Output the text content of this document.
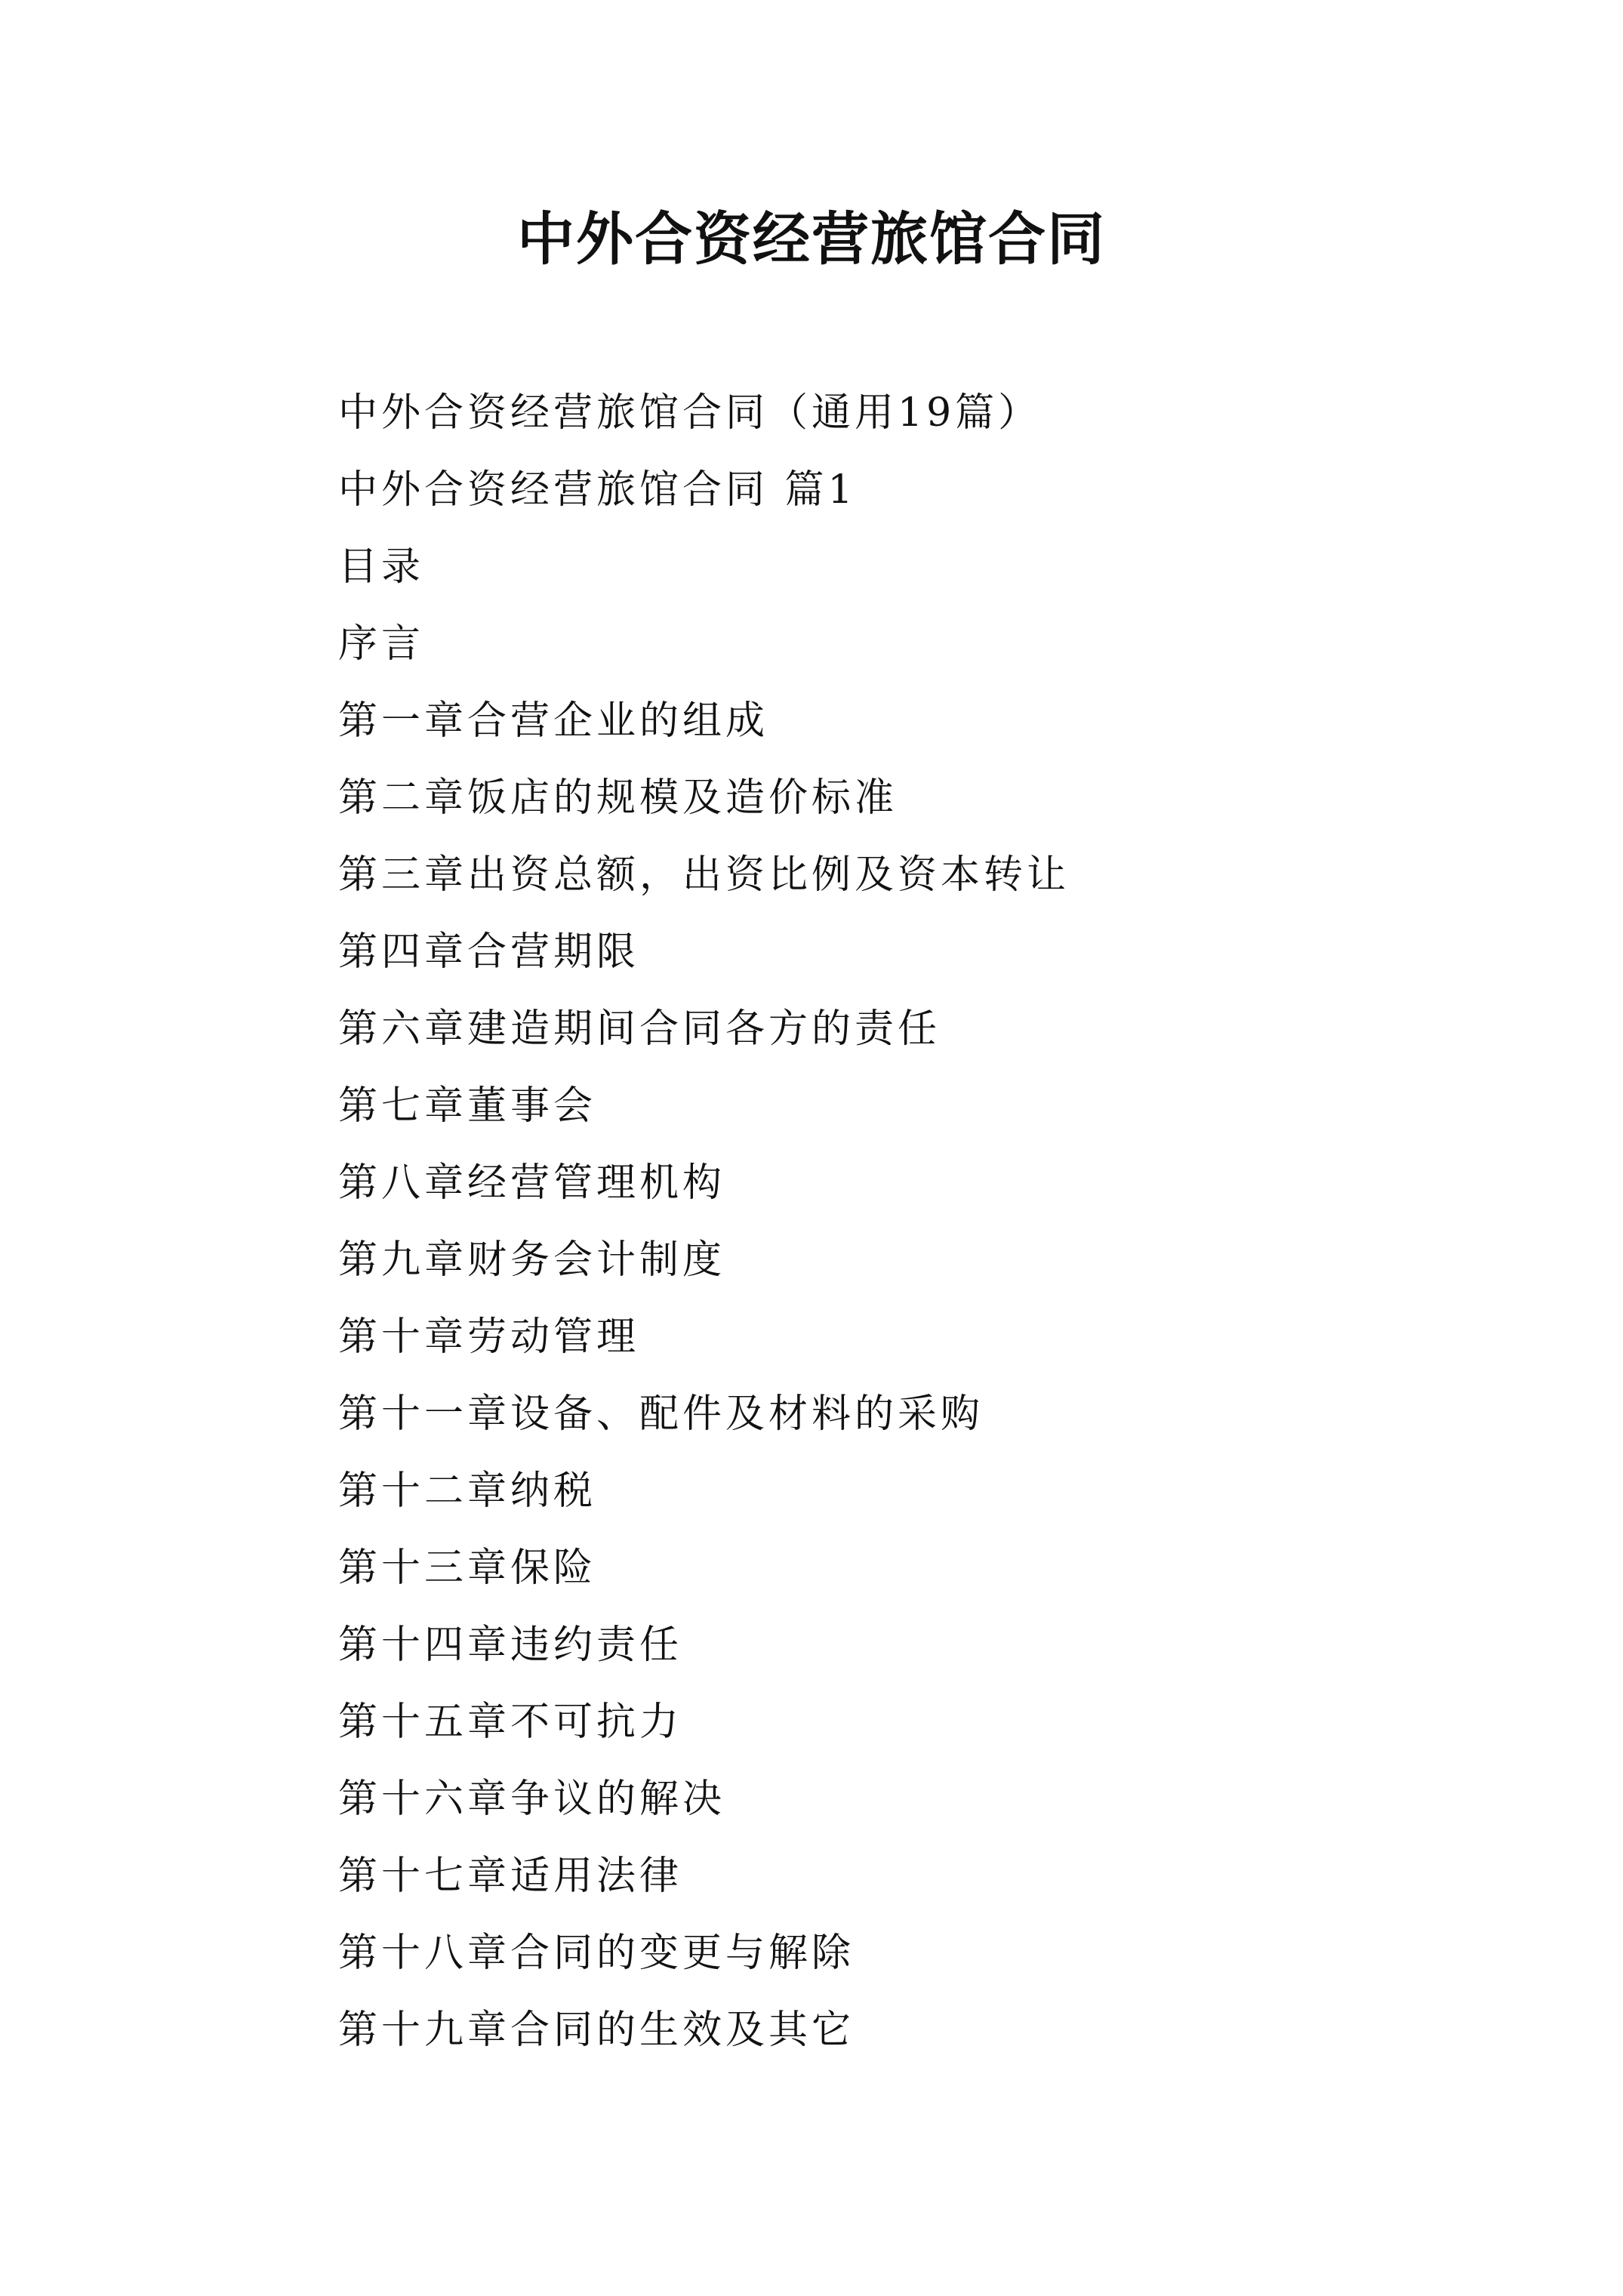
中外合资经营旅馆合同
中外合资经营旅馆合同（通用19篇）
中外合资经营旅馆合同 篇1
目录
序言
第一章合营企业的组成
第二章饭店的规模及造价标准
第三章出资总额，出资比例及资本转让
第四章合营期限
第六章建造期间合同各方的责任
第七章董事会
第八章经营管理机构
第九章财务会计制度
第十章劳动管理
第十一章设备、配件及材料的采购
第十二章纳税
第十三章保险
第十四章违约责任
第十五章不可抗力
第十六章争议的解决
第十七章适用法律
第十八章合同的变更与解除
第十九章合同的生效及其它
